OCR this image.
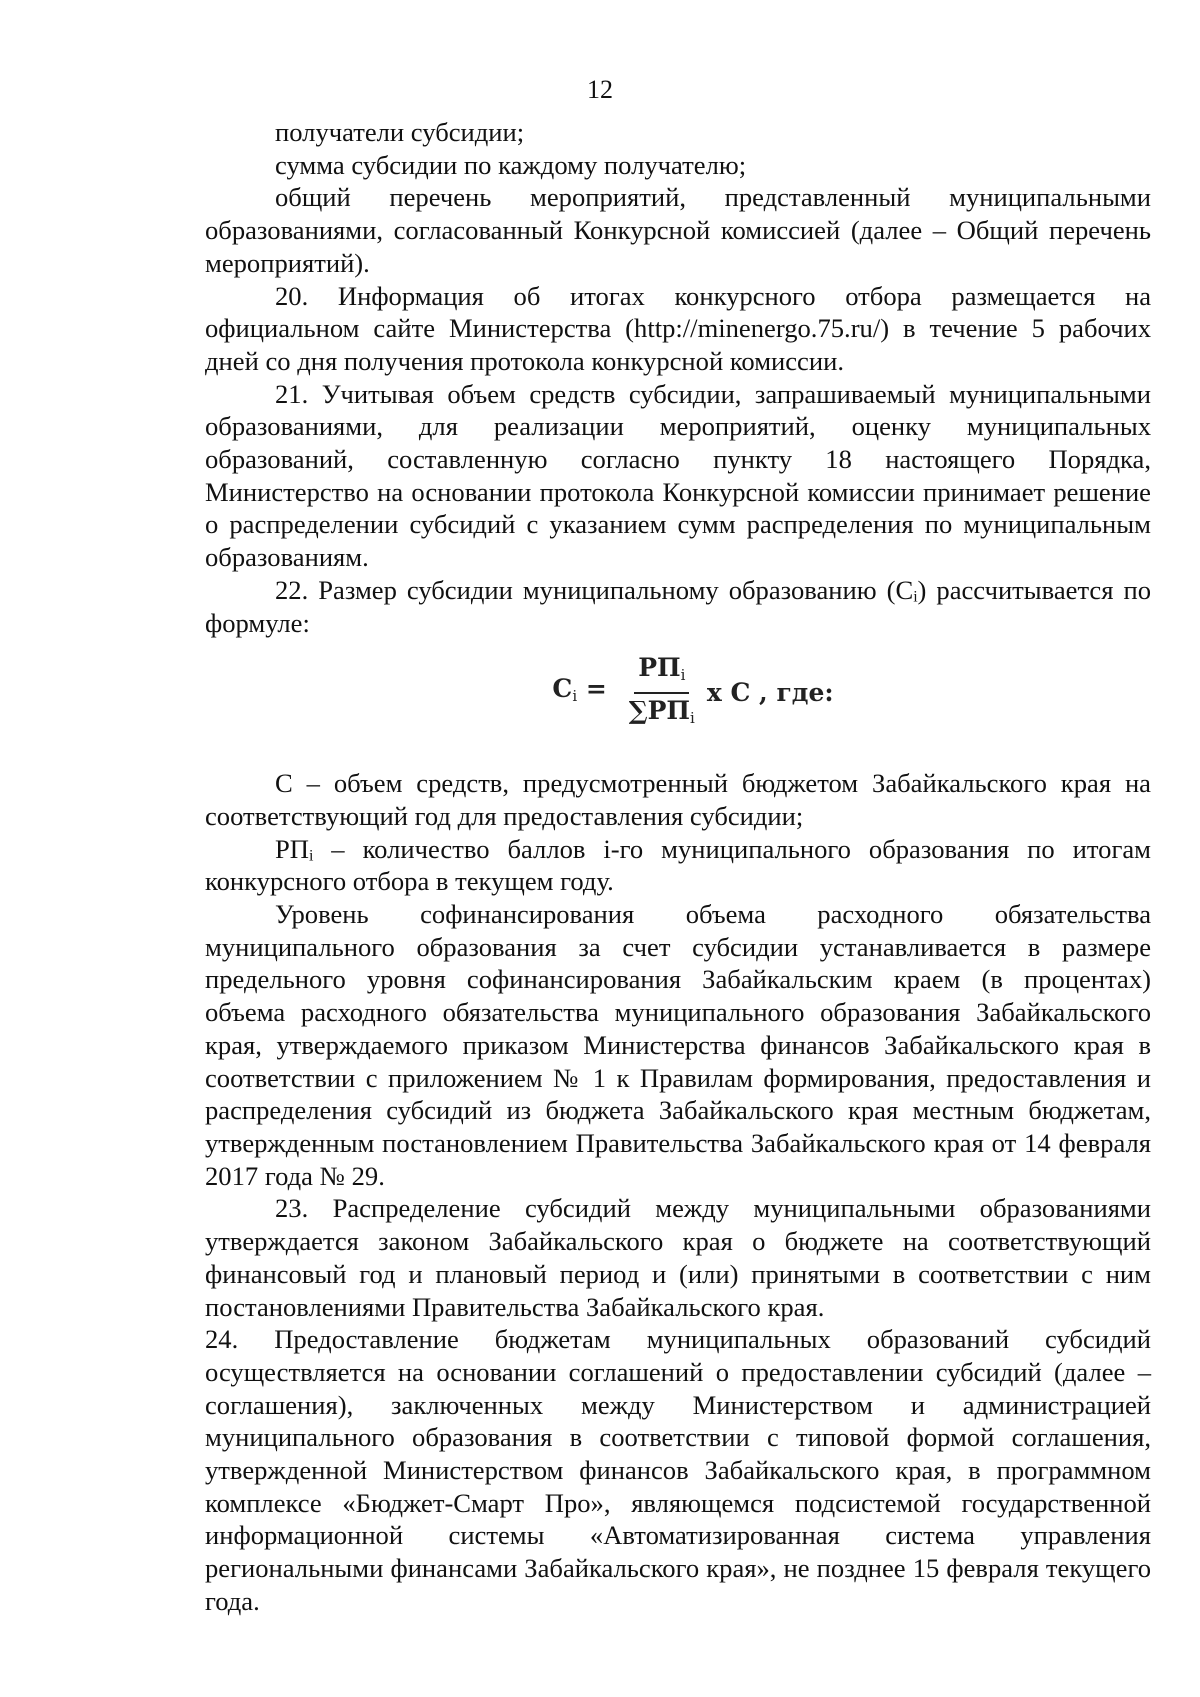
12

получатели субсидии;

сумма субсидии по каждому получателю;

общий перечень мероприятий, представленный муниципальными образованиями, согласованный Конкурсной комиссией (далее – Общий перечень мероприятий).

20. Информация об итогах конкурсного отбора размещается на официальном сайте Министерства (http://minenergo.75.ru/) в течение 5 рабочих дней со дня получения протокола конкурсной комиссии.

21. Учитывая объем средств субсидии, запрашиваемый муниципальными образованиями, для реализации мероприятий, оценку муниципальных образований, составленную согласно пункту 18 настоящего Порядка, Министерство на основании протокола Конкурсной комиссии принимает решение о распределении субсидий с указанием сумм распределения по муниципальным образованиям.

22. Размер субсидии муниципальному образованию (Cᵢ) рассчитывается по формуле:

$C_i = \frac{РП_i}{\sum РП_i}$ x С , где:

С – объем средств, предусмотренный бюджетом Забайкальского края на соответствующий год для предоставления субсидии;

РПᵢ – количество баллов i-го муниципального образования по итогам конкурсного отбора в текущем году.

Уровень софинансирования объема расходного обязательства муниципального образования за счет субсидии устанавливается в размере предельного уровня софинансирования Забайкальским краем (в процентах) объема расходного обязательства муниципального образования Забайкальского края, утверждаемого приказом Министерства финансов Забайкальского края в соответствии с приложением № 1 к Правилам формирования, предоставления и распределения субсидий из бюджета Забайкальского края местным бюджетам, утвержденным постановлением Правительства Забайкальского края от 14 февраля 2017 года № 29.

23. Распределение субсидий между муниципальными образованиями утверждается законом Забайкальского края о бюджете на соответствующий финансовый год и плановый период и (или) принятыми в соответствии с ним постановлениями Правительства Забайкальского края.

24. Предоставление бюджетам муниципальных образований субсидий осуществляется на основании соглашений о предоставлении субсидий (далее – соглашения), заключенных между Министерством и администрацией муниципального образования в соответствии с типовой формой соглашения, утвержденной Министерством финансов Забайкальского края, в программном комплексе «Бюджет-Смарт Про», являющемся подсистемой государственной информационной системы «Автоматизированная система управления региональными финансами Забайкальского края», не позднее 15 февраля текущего года.
